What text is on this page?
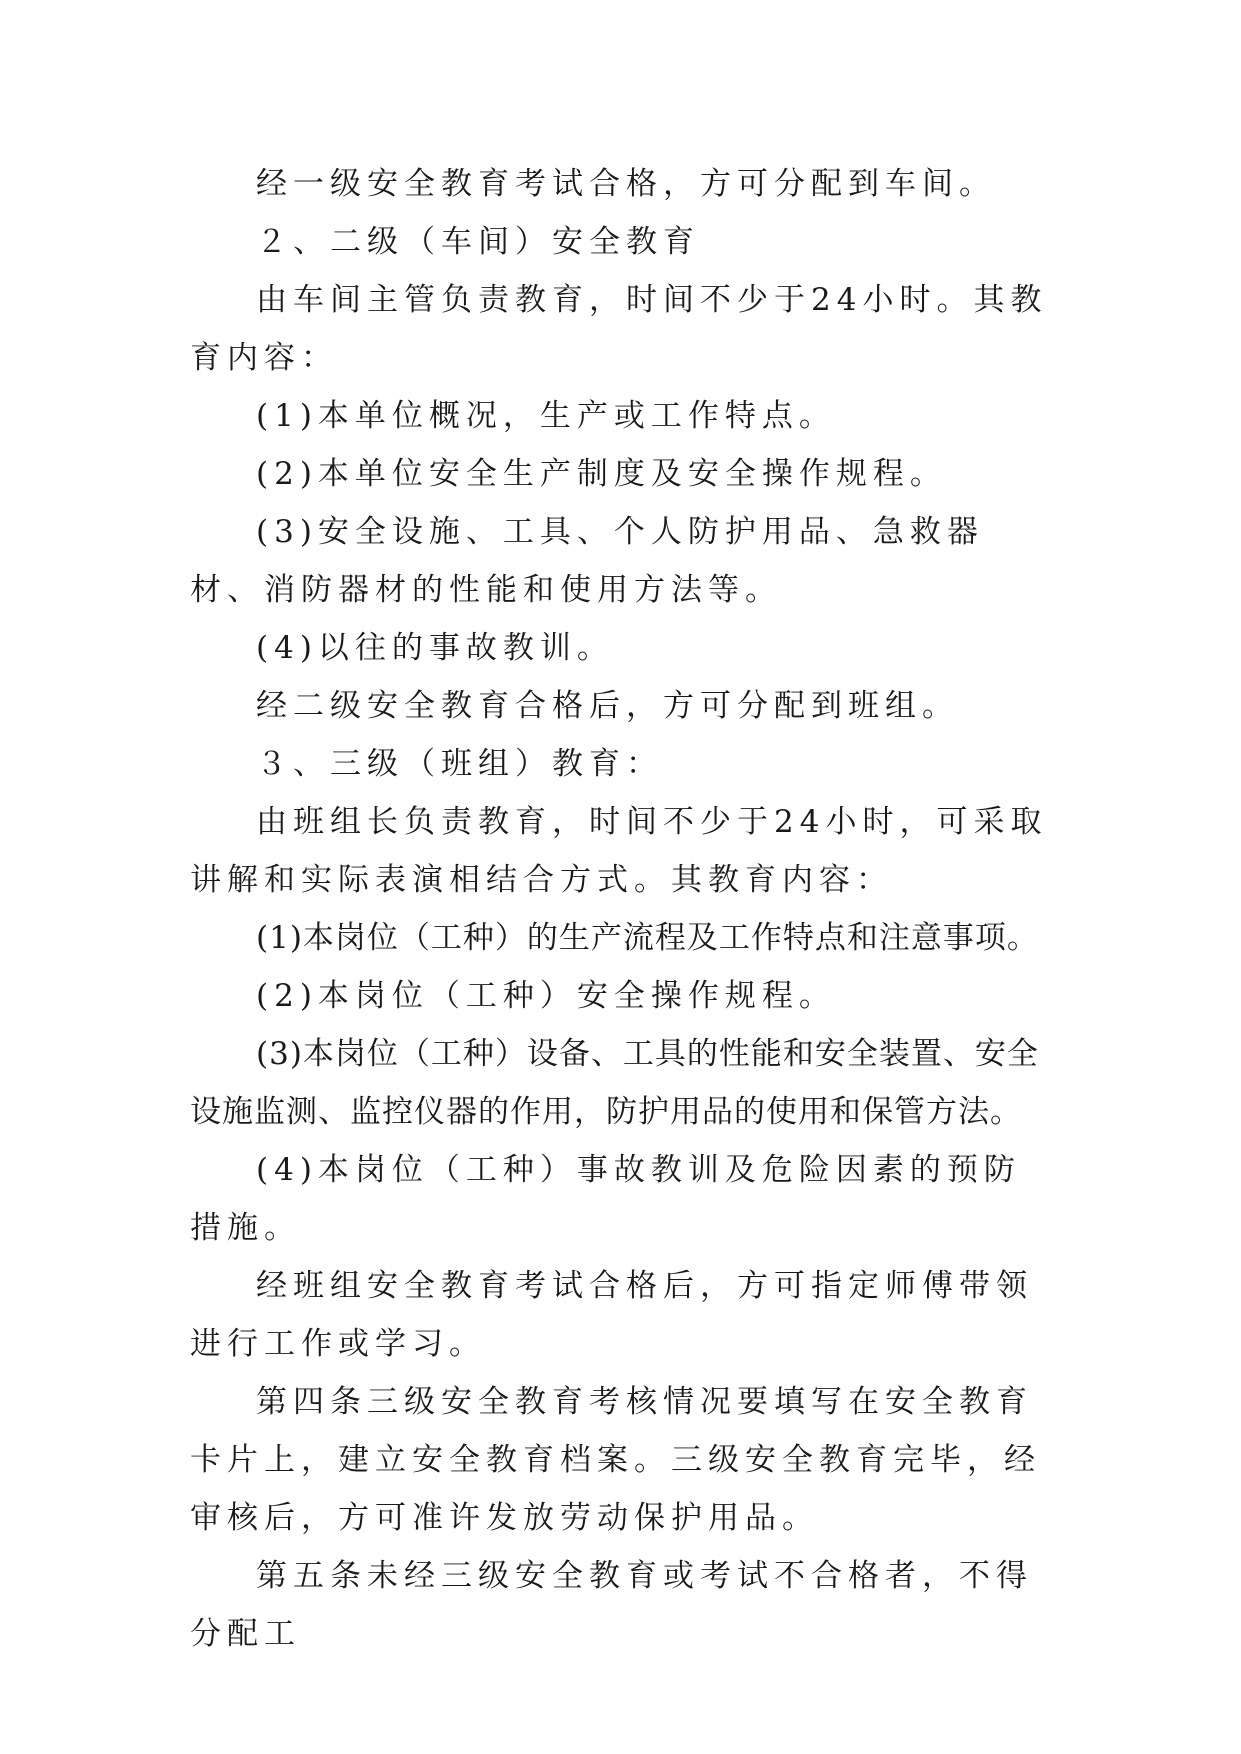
经一级安全教育考试合格，方可分配到车间。

２、二级（车间）安全教育

由车间主管负责教育，时间不少于24小时。其教育内容：

(1)本单位概况，生产或工作特点。

(2)本单位安全生产制度及安全操作规程。

(3)安全设施、工具、个人防护用品、急救器材、消防器材的性能和使用方法等。

(4)以往的事故教训。

经二级安全教育合格后，方可分配到班组。

３、三级（班组）教育：

由班组长负责教育，时间不少于24小时，可采取讲解和实际表演相结合方式。其教育内容：

(1)本岗位（工种）的生产流程及工作特点和注意事项。

(2)本岗位（工种）安全操作规程。

(3)本岗位（工种）设备、工具的性能和安全装置、安全设施监测、监控仪器的作用，防护用品的使用和保管方法。

(4)本岗位（工种）事故教训及危险因素的预防措施。

经班组安全教育考试合格后，方可指定师傅带领进行工作或学习。

第四条三级安全教育考核情况要填写在安全教育卡片上，建立安全教育档案。三级安全教育完毕，经审核后，方可准许发放劳动保护用品。

第五条未经三级安全教育或考试不合格者，不得分配工
